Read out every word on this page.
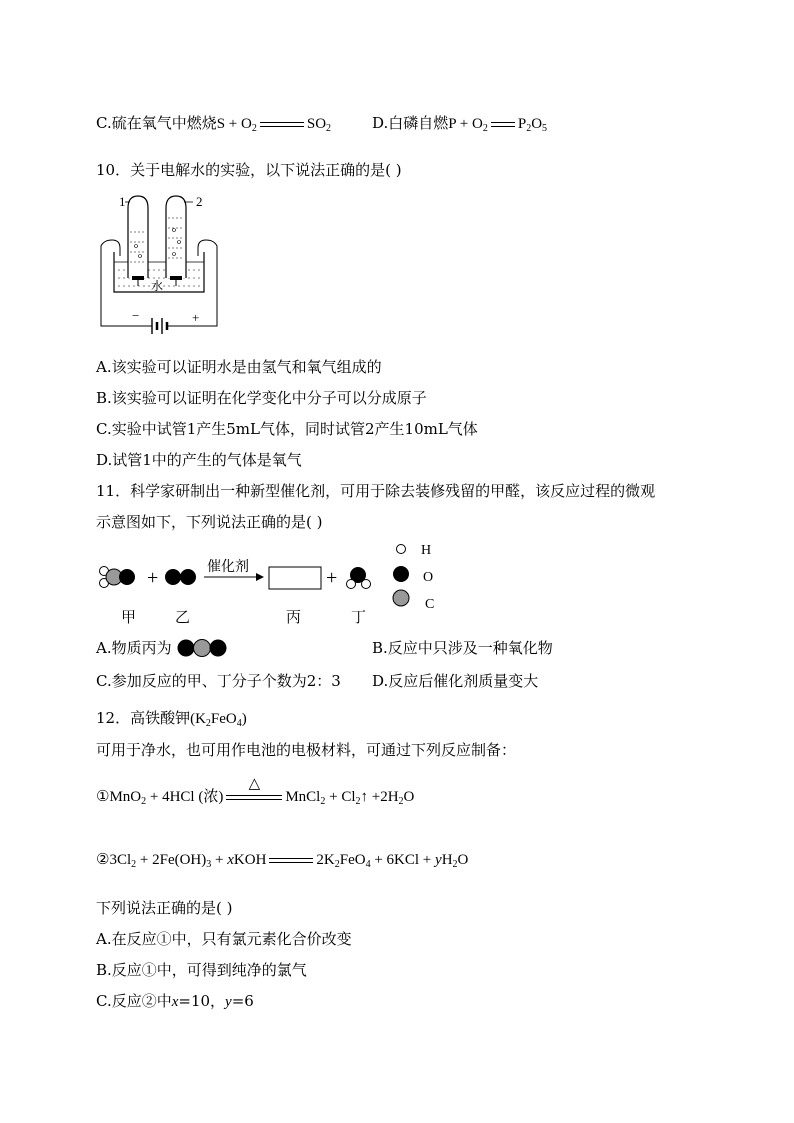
C.硫在氧气中燃烧$S + O_2$	$SO_2$	D.白磷自燃$P + O_2$ $P_2O_5$
10．关于电解水的实验，以下说法正确的是( )
1	2
水
−	+
A.该实验可以证明水是由氢气和氧气组成的
B.该实验可以证明在化学变化中分子可以分成原子
C.实验中试管1产生5mL气体，同时试管2产生10mL气体
D.试管1中的产生的气体是氧气
11．科学家研制出一种新型催化剂，可用于除去装修残留的甲醛，该反应过程的微观
示意图如下，下列说法正确的是( )
+	催化剂	+
H
O
C
甲	乙	丙	丁
A.物质丙为	B.反应中只涉及一种氧化物
C.参加反应的甲、丁分子个数为2：3 D.反应后催化剂质量变大
12．高铁酸钾$(K_2FeO_4)$
可用于净水，也可用作电池的电极材料，可通过下列反应制备：
①MnO$_2$ + 4HCl (浓)
△
MnCl$_2$ + $Cl_2↑ +2H_2O$
$②3Cl_2 + 2Fe(OH)_3$ + xKOH	$2K_2FeO_4 + 6KCl + yH_2O$
下列说法正确的是( )
A.在反应①中，只有氯元素化合价改变
B.反应①中，可得到纯净的氯气
C.反应②中x=10，y=6
